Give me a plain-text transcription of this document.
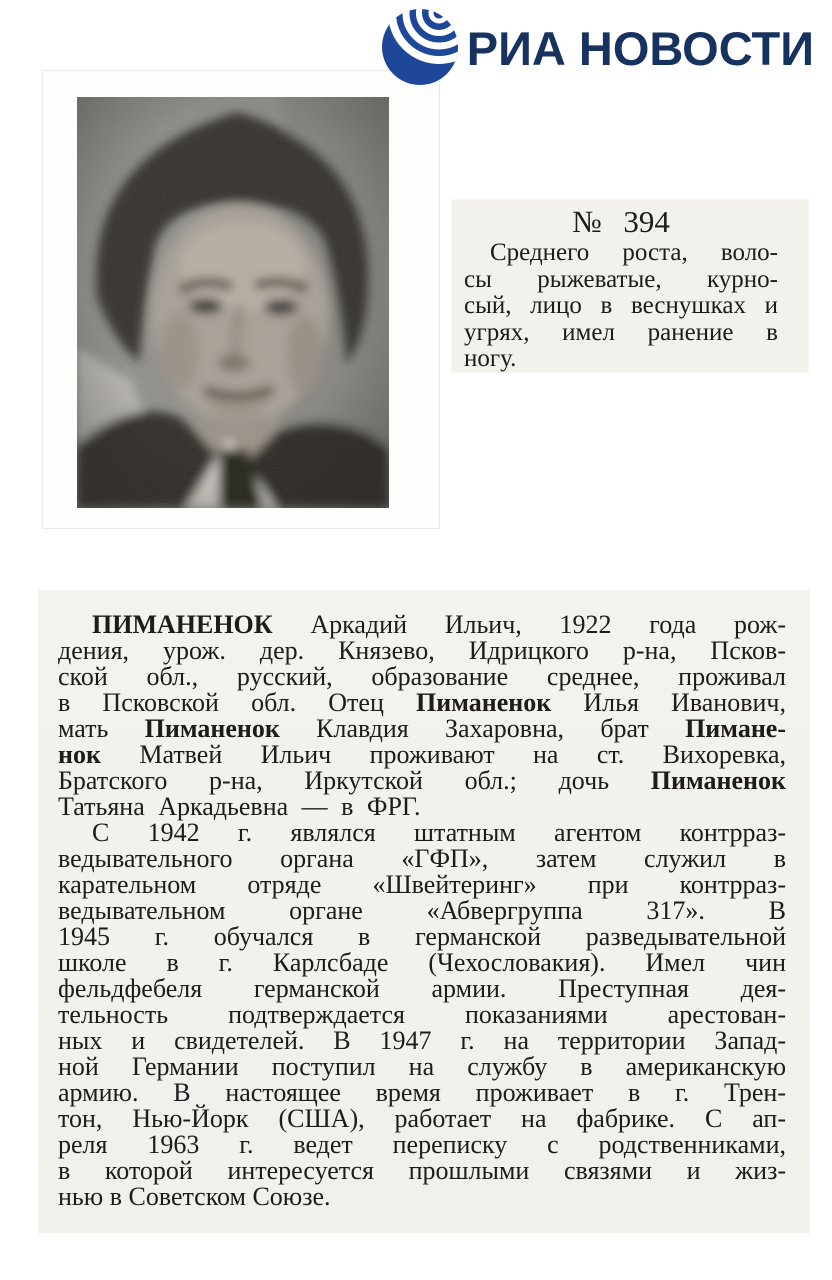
РИА НОВОСТИ
№ 394
Среднего роста, воло-
сы рыжеватые, курно-
сый, лицо в веснушках и
угрях, имел ранение в
ногу.
ПИМАНЕНОК Аркадий Ильич, 1922 года рож-
дения, урож. дер. Князево, Идрицкого р-на, Псков-
ской обл., русский, образование среднее, проживал
в Псковской обл. Отец Пиманенок Илья Иванович,
мать Пиманенок Клавдия Захаровна, брат Пимане-
нок Матвей Ильич проживают на ст. Вихоревка,
Братского р-на, Иркутской обл.; дочь Пиманенок
Татьяна Аркадьевна — в ФРГ.
С 1942 г. являлся штатным агентом контрраз-
ведывательного органа «ГФП», затем служил в
карательном отряде «Швейтеринг» при контрраз-
ведывательном органе «Абвергруппа 317». В
1945 г. обучался в германской разведывательной
школе в г. Карлсбаде (Чехословакия). Имел чин
фельдфебеля германской армии. Преступная дея-
тельность подтверждается показаниями арестован-
ных и свидетелей. В 1947 г. на территории Запад-
ной Германии поступил на службу в американскую
армию. В настоящее время проживает в г. Трен-
тон, Нью-Йорк (США), работает на фабрике. С ап-
реля 1963 г. ведет переписку с родственниками,
в которой интересуется прошлыми связями и жиз-
нью в Советском Союзе.
